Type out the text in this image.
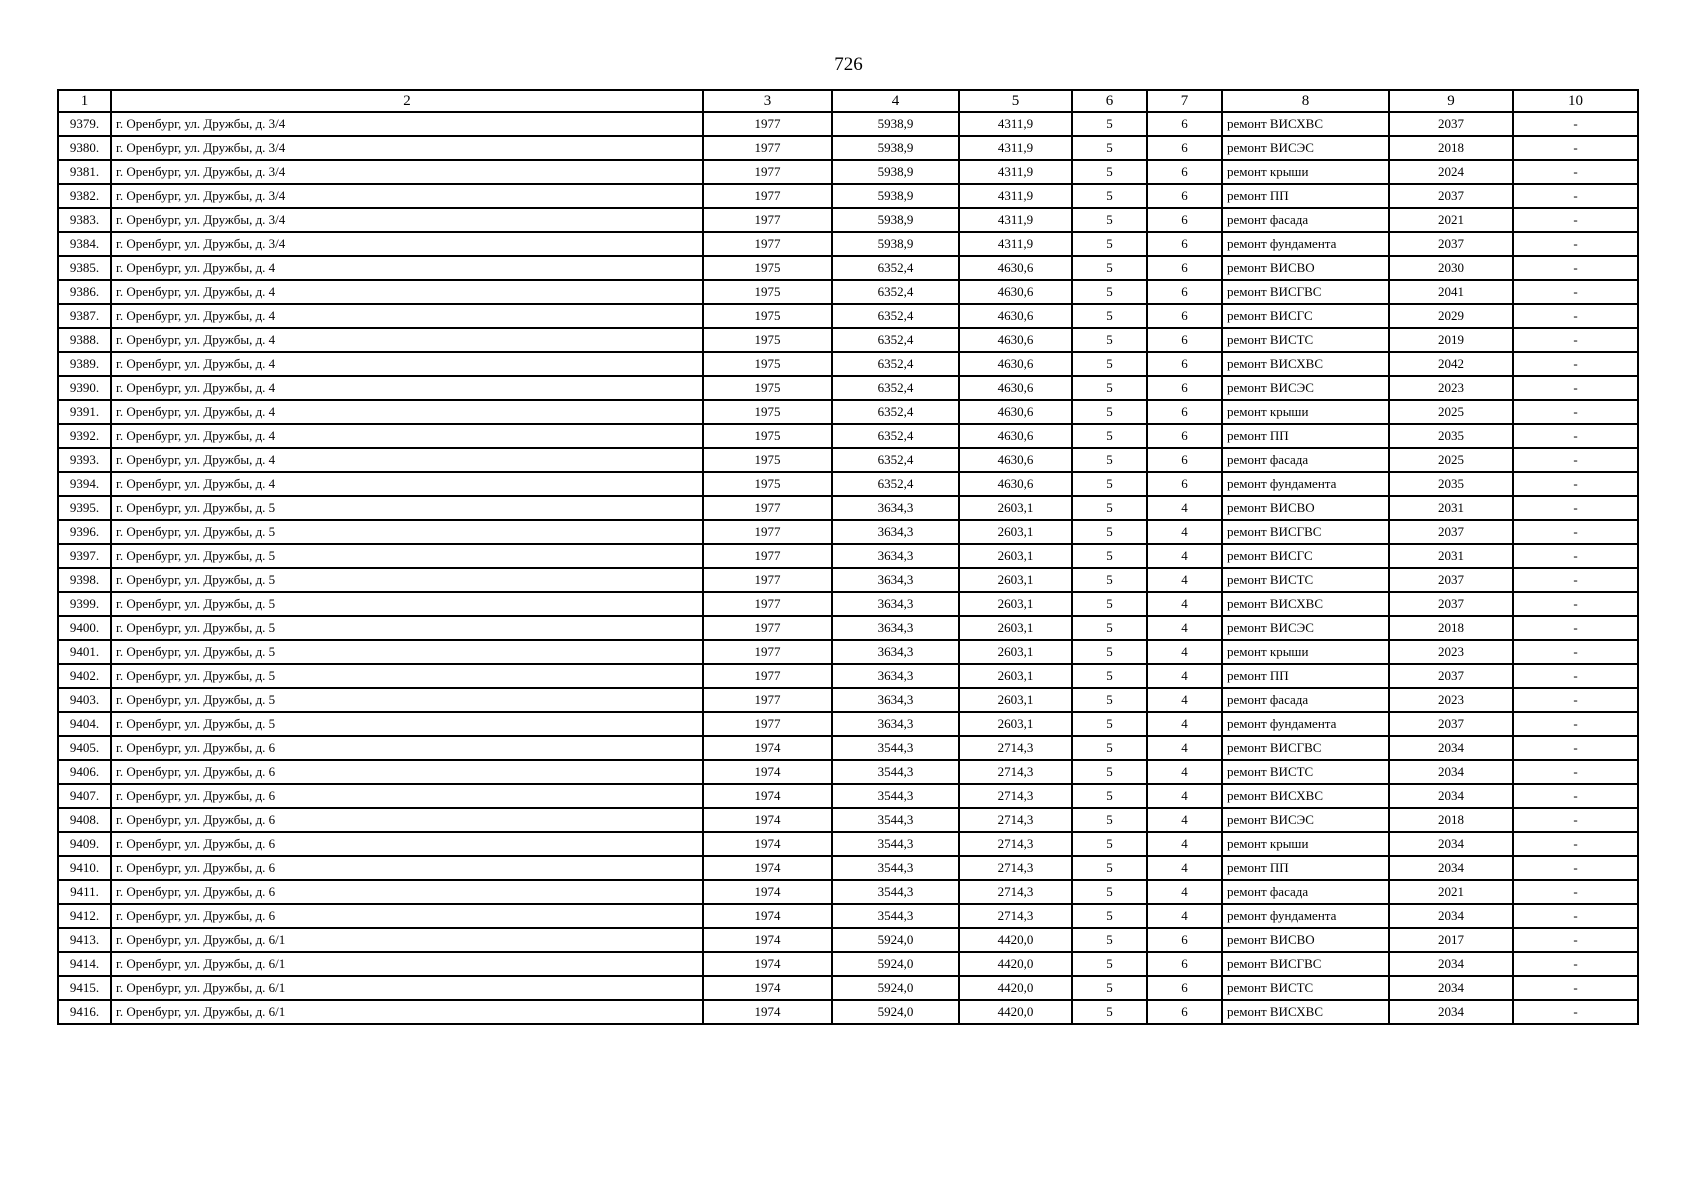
726
1	2	3	4	5	6	7	8	9	10
9379.	г. Оренбург, ул. Дружбы, д. 3/4	1977	5938,9	4311,9	5	6	ремонт ВИСХВС	2037	-
9380.	г. Оренбург, ул. Дружбы, д. 3/4	1977	5938,9	4311,9	5	6	ремонт ВИСЭС	2018	-
9381.	г. Оренбург, ул. Дружбы, д. 3/4	1977	5938,9	4311,9	5	6	ремонт крыши	2024	-
9382.	г. Оренбург, ул. Дружбы, д. 3/4	1977	5938,9	4311,9	5	6	ремонт ПП	2037	-
9383.	г. Оренбург, ул. Дружбы, д. 3/4	1977	5938,9	4311,9	5	6	ремонт фасада	2021	-
9384.	г. Оренбург, ул. Дружбы, д. 3/4	1977	5938,9	4311,9	5	6	ремонт фундамента	2037	-
9385.	г. Оренбург, ул. Дружбы, д. 4	1975	6352,4	4630,6	5	6	ремонт ВИСВО	2030	-
9386.	г. Оренбург, ул. Дружбы, д. 4	1975	6352,4	4630,6	5	6	ремонт ВИСГВС	2041	-
9387.	г. Оренбург, ул. Дружбы, д. 4	1975	6352,4	4630,6	5	6	ремонт ВИСГС	2029	-
9388.	г. Оренбург, ул. Дружбы, д. 4	1975	6352,4	4630,6	5	6	ремонт ВИСТС	2019	-
9389.	г. Оренбург, ул. Дружбы, д. 4	1975	6352,4	4630,6	5	6	ремонт ВИСХВС	2042	-
9390.	г. Оренбург, ул. Дружбы, д. 4	1975	6352,4	4630,6	5	6	ремонт ВИСЭС	2023	-
9391.	г. Оренбург, ул. Дружбы, д. 4	1975	6352,4	4630,6	5	6	ремонт крыши	2025	-
9392.	г. Оренбург, ул. Дружбы, д. 4	1975	6352,4	4630,6	5	6	ремонт ПП	2035	-
9393.	г. Оренбург, ул. Дружбы, д. 4	1975	6352,4	4630,6	5	6	ремонт фасада	2025	-
9394.	г. Оренбург, ул. Дружбы, д. 4	1975	6352,4	4630,6	5	6	ремонт фундамента	2035	-
9395.	г. Оренбург, ул. Дружбы, д. 5	1977	3634,3	2603,1	5	4	ремонт ВИСВО	2031	-
9396.	г. Оренбург, ул. Дружбы, д. 5	1977	3634,3	2603,1	5	4	ремонт ВИСГВС	2037	-
9397.	г. Оренбург, ул. Дружбы, д. 5	1977	3634,3	2603,1	5	4	ремонт ВИСГС	2031	-
9398.	г. Оренбург, ул. Дружбы, д. 5	1977	3634,3	2603,1	5	4	ремонт ВИСТС	2037	-
9399.	г. Оренбург, ул. Дружбы, д. 5	1977	3634,3	2603,1	5	4	ремонт ВИСХВС	2037	-
9400.	г. Оренбург, ул. Дружбы, д. 5	1977	3634,3	2603,1	5	4	ремонт ВИСЭС	2018	-
9401.	г. Оренбург, ул. Дружбы, д. 5	1977	3634,3	2603,1	5	4	ремонт крыши	2023	-
9402.	г. Оренбург, ул. Дружбы, д. 5	1977	3634,3	2603,1	5	4	ремонт ПП	2037	-
9403.	г. Оренбург, ул. Дружбы, д. 5	1977	3634,3	2603,1	5	4	ремонт фасада	2023	-
9404.	г. Оренбург, ул. Дружбы, д. 5	1977	3634,3	2603,1	5	4	ремонт фундамента	2037	-
9405.	г. Оренбург, ул. Дружбы, д. 6	1974	3544,3	2714,3	5	4	ремонт ВИСГВС	2034	-
9406.	г. Оренбург, ул. Дружбы, д. 6	1974	3544,3	2714,3	5	4	ремонт ВИСТС	2034	-
9407.	г. Оренбург, ул. Дружбы, д. 6	1974	3544,3	2714,3	5	4	ремонт ВИСХВС	2034	-
9408.	г. Оренбург, ул. Дружбы, д. 6	1974	3544,3	2714,3	5	4	ремонт ВИСЭС	2018	-
9409.	г. Оренбург, ул. Дружбы, д. 6	1974	3544,3	2714,3	5	4	ремонт крыши	2034	-
9410.	г. Оренбург, ул. Дружбы, д. 6	1974	3544,3	2714,3	5	4	ремонт ПП	2034	-
9411.	г. Оренбург, ул. Дружбы, д. 6	1974	3544,3	2714,3	5	4	ремонт фасада	2021	-
9412.	г. Оренбург, ул. Дружбы, д. 6	1974	3544,3	2714,3	5	4	ремонт фундамента	2034	-
9413.	г. Оренбург, ул. Дружбы, д. 6/1	1974	5924,0	4420,0	5	6	ремонт ВИСВО	2017	-
9414.	г. Оренбург, ул. Дружбы, д. 6/1	1974	5924,0	4420,0	5	6	ремонт ВИСГВС	2034	-
9415.	г. Оренбург, ул. Дружбы, д. 6/1	1974	5924,0	4420,0	5	6	ремонт ВИСТС	2034	-
9416.	г. Оренбург, ул. Дружбы, д. 6/1	1974	5924,0	4420,0	5	6	ремонт ВИСХВС	2034	-
